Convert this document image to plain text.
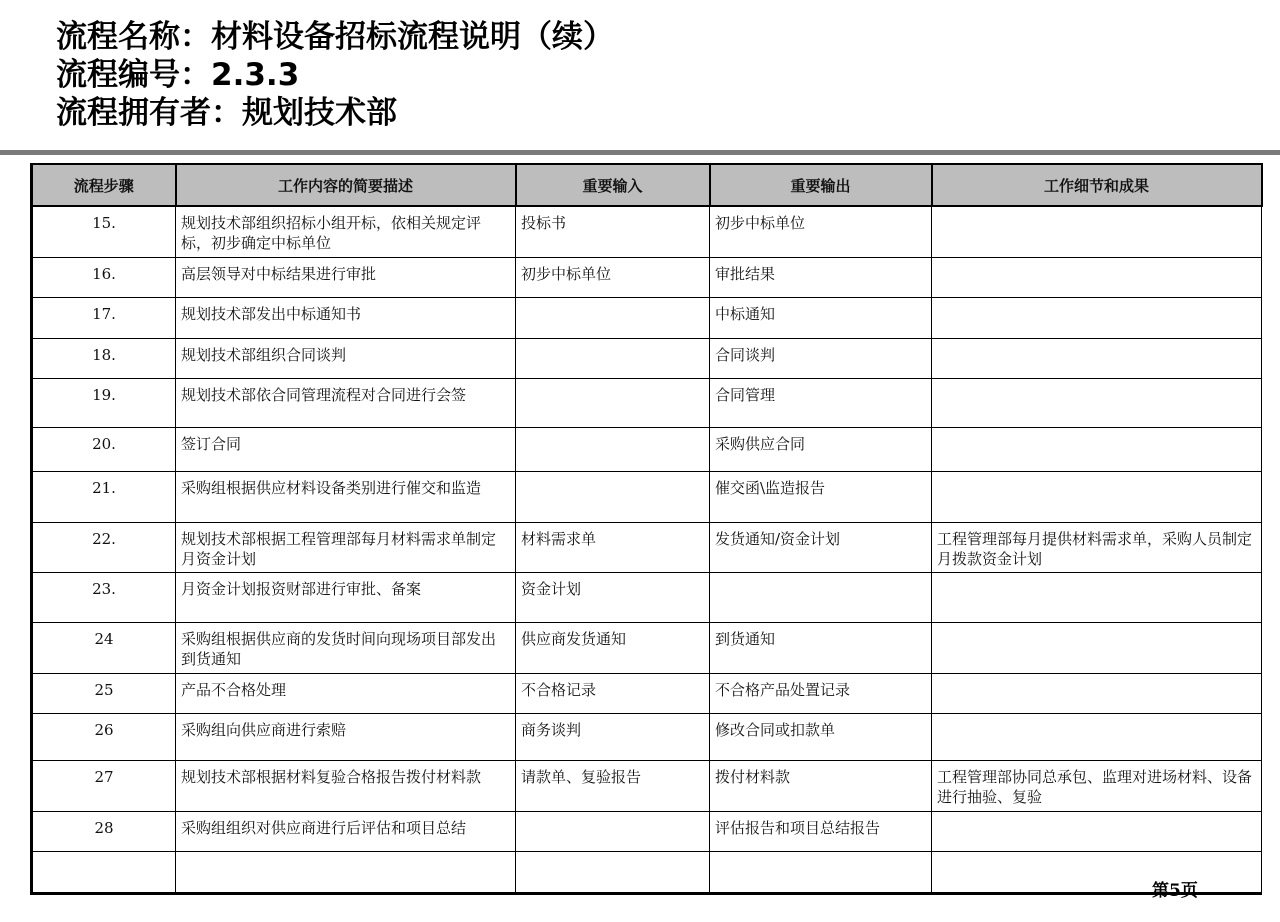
流程名称：材料设备招标流程说明（续）
流程编号：2.3.3
流程拥有者：规划技术部
流程步骤	工作内容的简要描述	重要输入	重要输出	工作细节和成果
15.	规划技术部组织招标小组开标，依相关规定评标，初步确定中标单位	投标书	初步中标单位	
16.	高层领导对中标结果进行审批	初步中标单位	审批结果	
17.	规划技术部发出中标通知书		中标通知	
18.	规划技术部组织合同谈判		合同谈判	
19.	规划技术部依合同管理流程对合同进行会签		合同管理	
20.	签订合同		采购供应合同	
21.	采购组根据供应材料设备类别进行催交和监造		催交函\监造报告	
22.	规划技术部根据工程管理部每月材料需求单制定月资金计划	材料需求单	发货通知/资金计划	工程管理部每月提供材料需求单，采购人员制定月拨款资金计划
23.	月资金计划报资财部进行审批、备案	资金计划		
24	采购组根据供应商的发货时间向现场项目部发出到货通知	供应商发货通知	到货通知	
25	产品不合格处理	不合格记录	不合格产品处置记录	
26	采购组向供应商进行索赔	商务谈判	修改合同或扣款单	
27	规划技术部根据材料复验合格报告拨付材料款	请款单、复验报告	拨付材料款	工程管理部协同总承包、监理对进场材料、设备进行抽验、复验
28	采购组组织对供应商进行后评估和项目总结		评估报告和项目总结报告	

第5页
